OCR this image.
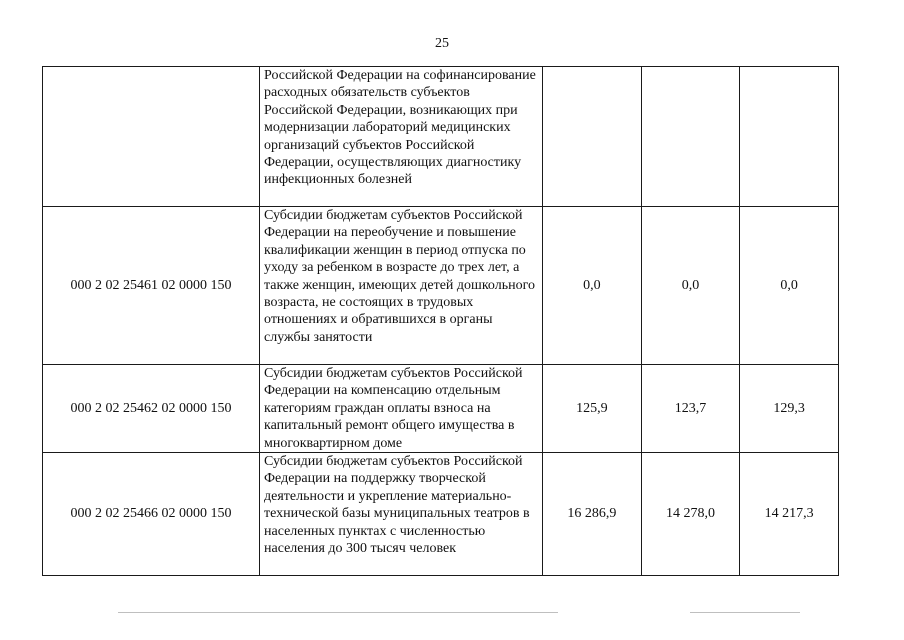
25
	Российской Федерации на софинансирование расходных обязательств субъектов Российской Федерации, возникающих при модернизации лабораторий медицинских организаций субъектов Российской Федерации, осуществляющих диагностику инфекционных болезней			
000 2 02 25461 02 0000 150	Субсидии бюджетам субъектов Российской Федерации на переобучение и повышение квалификации женщин в период отпуска по уходу за ребенком в возрасте до трех лет, а также женщин, имеющих детей дошкольного возраста, не состоящих в трудовых отношениях и обратившихся в органы службы занятости	0,0	0,0	0,0
000 2 02 25462 02 0000 150	Субсидии бюджетам субъектов Российской Федерации на компенсацию отдельным категориям граждан оплаты взноса на капитальный ремонт общего имущества в многоквартирном доме	125,9	123,7	129,3
000 2 02 25466 02 0000 150	Субсидии бюджетам субъектов Российской Федерации на поддержку творческой деятельности и укрепление материально-технической базы муниципальных театров в населенных пунктах с численностью населения до 300 тысяч человек	16 286,9	14 278,0	14 217,3
